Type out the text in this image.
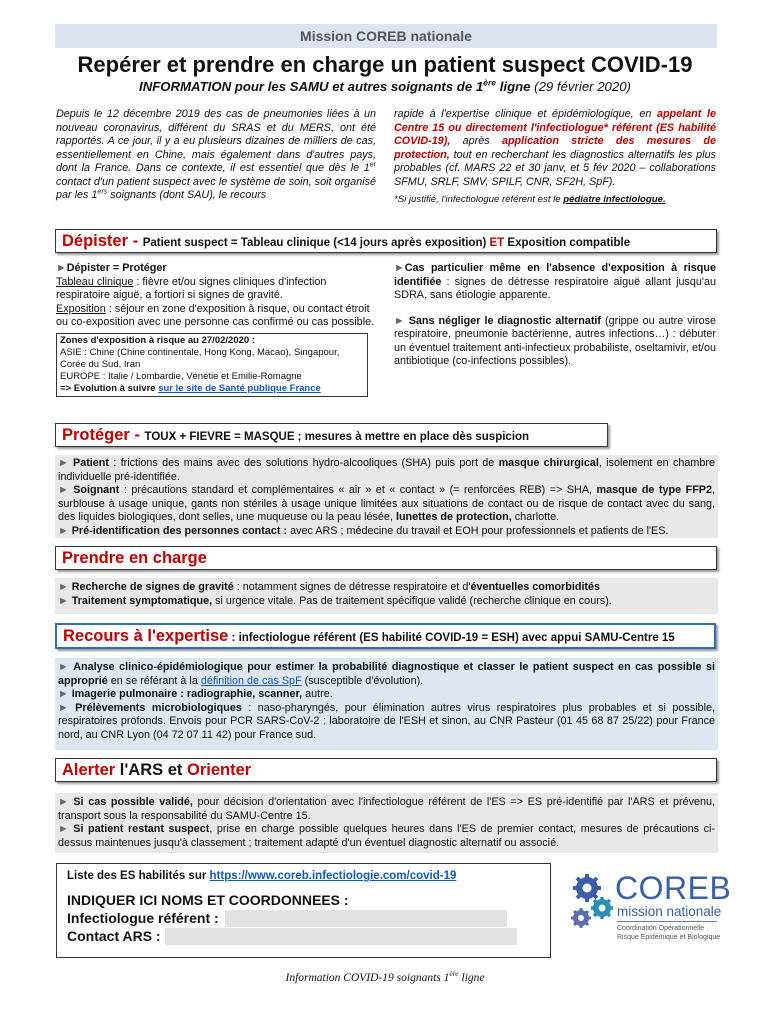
Mission COREB nationale
Repérer et prendre en charge un patient suspect COVID-19
INFORMATION pour les SAMU et autres soignants de 1ère ligne (29 février 2020)
Depuis le 12 décembre 2019 des cas de pneumonies liées à un nouveau coronavirus, différent du SRAS et du MERS, ont été rapportés. A ce jour, il y a eu plusieurs dizaines de milliers de cas, essentiellement en Chine, mais également dans d'autres pays, dont la France. Dans ce contexte, il est essentiel que dès le 1er contact d'un patient suspect avec le système de soin, soit organisé par les 1ers soignants (dont SAU), le recours
rapide à l'expertise clinique et épidémiologique, en appelant le Centre 15 ou directement l'infectiologue* référent (ES habilité COVID-19), après application stricte des mesures de protection, tout en recherchant les diagnostics alternatifs les plus probables (cf. MARS 22 et 30 janv, et 5 fév 2020 – collaborations SFMU, SRLF, SMV, SPILF, CNR, SF2H, SpF).
*Si justifié, l'infectiologue référent est le pédiatre infectiologue.
Dépister - Patient suspect = Tableau clinique (<14 jours après exposition) ET Exposition compatible
►Dépister = Protéger
Tableau clinique : fièvre et/ou signes cliniques d'infection respiratoire aiguë, a fortiori si signes de gravité.
Exposition : séjour en zone d'exposition à risque, ou contact étroit ou co-exposition avec une personne cas confirmé ou cas possible.
Zones d'exposition à risque au 27/02/2020 :
ASIE : Chine (Chine continentale, Hong Kong, Macao), Singapour, Corée du Sud, Iran
EUROPE : Italie / Lombardie, Vénétie et Emilie-Romagne
=> Evolution à suivre sur le site de Santé publique France
►Cas particulier même en l'absence d'exposition à risque identifiée : signes de détresse respiratoire aiguë allant jusqu'au SDRA, sans étiologie apparente.
► Sans négliger le diagnostic alternatif (grippe ou autre virose respiratoire, pneumonie bactérienne, autres infections…) : débuter un éventuel traitement anti-infectieux probabiliste, oseltamivir, et/ou antibiotique (co-infections possibles).
Protéger - TOUX + FIEVRE = MASQUE ; mesures à mettre en place dès suspicion
► Patient : frictions des mains avec des solutions hydro-alcooliques (SHA) puis port de masque chirurgical, isolement en chambre individuelle pré-identifiée.
► Soignant : précautions standard et complémentaires « air » et « contact » (= renforcées REB) => SHA, masque de type FFP2, surblouse à usage unique, gants non stériles à usage unique limitées aux situations de contact ou de risque de contact avec du sang, des liquides biologiques, dont selles, une muqueuse ou la peau lésée, lunettes de protection, charlotte.
► Pré-identification des personnes contact : avec ARS ; médecine du travail et EOH pour professionnels et patients de l'ES.
Prendre en charge
► Recherche de signes de gravité : notamment signes de détresse respiratoire et d'éventuelles comorbidités
► Traitement symptomatique, si urgence vitale. Pas de traitement spécifique validé (recherche clinique en cours).
Recours à l'expertise : infectiologue référent (ES habilité COVID-19 = ESH) avec appui SAMU-Centre 15
► Analyse clinico-épidémiologique pour estimer la probabilité diagnostique et classer le patient suspect en cas possible si approprié en se référant à la définition de cas SpF (susceptible d'évolution).
► Imagerie pulmonaire : radiographie, scanner, autre.
► Prélèvements microbiologiques : naso-pharyngés, pour élimination autres virus respiratoires plus probables et si possible, respiratoires profonds. Envois pour PCR SARS-CoV-2 : laboratoire de l'ESH et sinon, au CNR Pasteur (01 45 68 87 25/22) pour France nord, au CNR Lyon (04 72 07 11 42) pour France sud.
Alerter l'ARS et Orienter
► Si cas possible validé, pour décision d'orientation avec l'infectiologue référent de l'ES => ES pré-identifié par l'ARS et prévenu, transport sous la responsabilité du SAMU-Centre 15.
► Si patient restant suspect, prise en charge possible quelques heures dans l'ES de premier contact, mesures de précautions ci-dessus maintenues jusqu'à classement ; traitement adapté d'un éventuel diagnostic alternatif ou associé.
Liste des ES habilités sur https://www.coreb.infectiologie.com/covid-19
INDIQUER ICI NOMS ET COORDONNEES :
Infectiologue référent :
Contact ARS :
COREB
mission nationale
Coordination Opérationnelle
Risque Epidémique et Biologique
Information COVID-19 soignants 1ère ligne
